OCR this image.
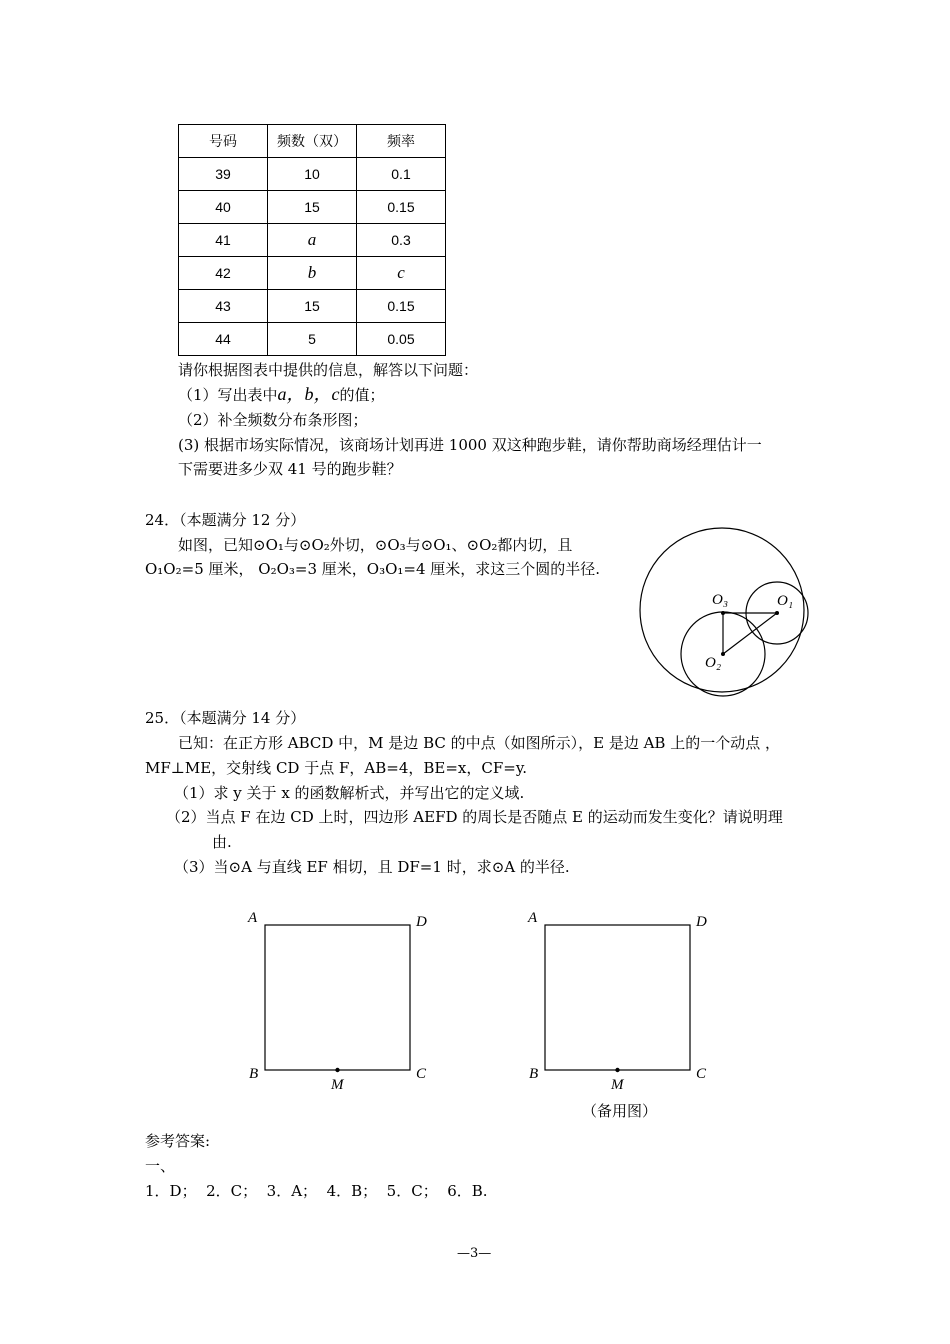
号码	频数（双）	频率
39	10	0.1
40	15	0.15
41	a	0.3
42	b	c
43	15	0.15
44	5	0.05
请你根据图表中提供的信息，解答以下问题：
（1）写出表中a，b，c的值；
（2）补全频数分布条形图；
(3) 根据市场实际情况，该商场计划再进 1000 双这种跑步鞋，请你帮助商场经理估计一
下需要进多少双 41 号的跑步鞋？
24．（本题满分 12 分）
如图，已知⊙O₁与⊙O₂外切，⊙O₃与⊙O₁、⊙O₂都内切，且
O₁O₂=5 厘米， O₂O₃=3 厘米，O₃O₁=4 厘米，求这三个圆的半径.
O₃	O₁
O₂
25．（本题满分 14 分）
已知：在正方形 ABCD 中，M 是边 BC 的中点（如图所示），E 是边 AB 上的一个动点 ，
MF⊥ME，交射线 CD 于点 F，AB=4，BE=x，CF=y.
（1）求 y 关于 x 的函数解析式，并写出它的定义域.
（2）当点 F 在边 CD 上时，四边形 AEFD 的周长是否随点 E 的运动而发生变化？请说明理
由.
（3）当⊙A 与直线 EF 相切，且 DF=1 时，求⊙A 的半径.
A	D
B	C
M
A	D
B	C
M
（备用图）
参考答案:
一、
1．D；  2．C；  3．A；  4．B；  5．C；  6．B.
—3—
